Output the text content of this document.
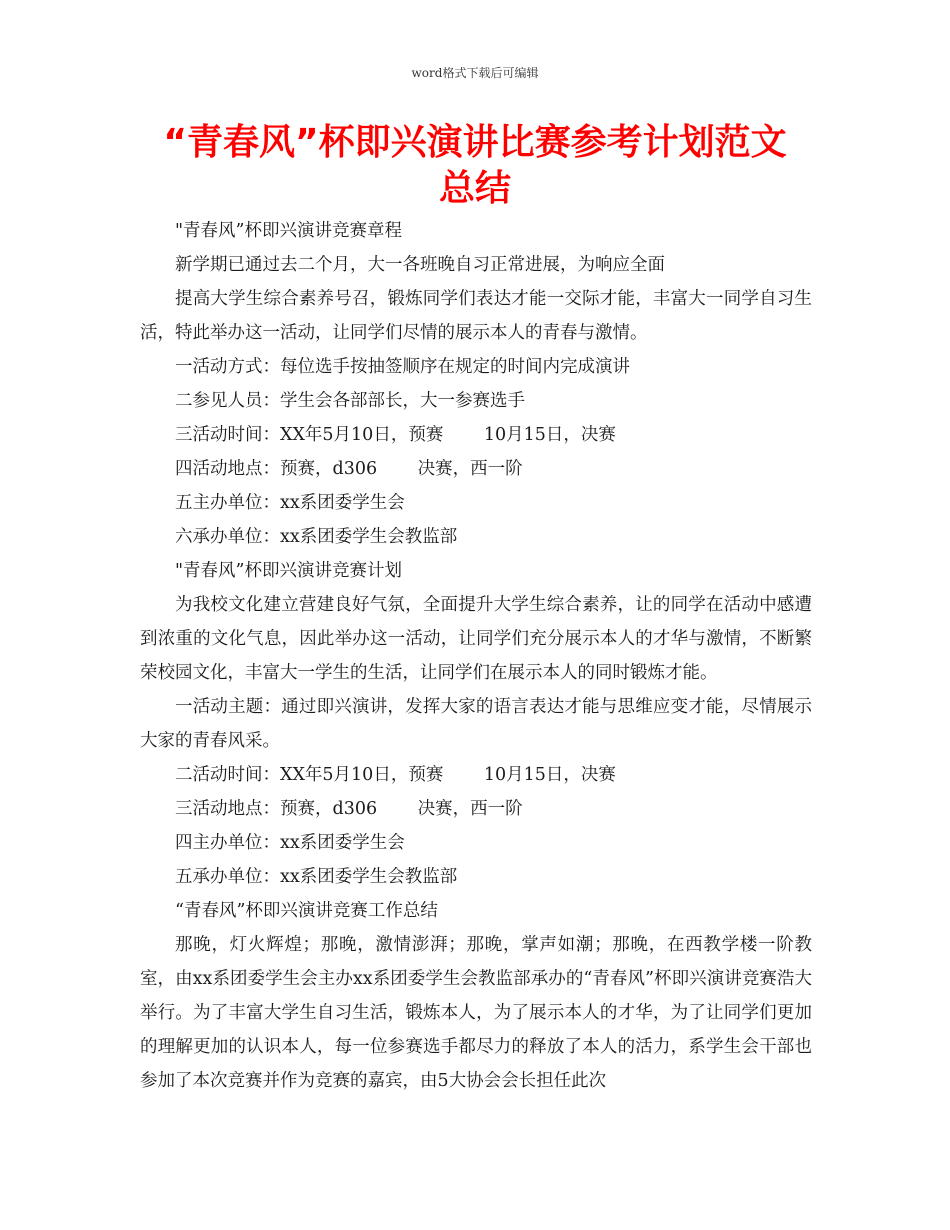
word格式下载后可编辑
“青春风”杯即兴演讲比赛参考计划范文
总结

"青春风”杯即兴演讲竞赛章程

新学期已通过去二个月，大一各班晚自习正常进展，为响应全面

提高大学生综合素养号召，锻炼同学们表达才能一交际才能，丰富大一同学自习生活，特此举办这一活动，让同学们尽情的展示本人的青春与激情。

一活动方式：每位选手按抽签顺序在规定的时间内完成演讲

二参见人员：学生会各部部长，大一参赛选手

三活动时间：XX年5月10日，预赛　　 10月15日，决赛

四活动地点：预赛，d306　　 决赛，西一阶

五主办单位：xx系团委学生会

六承办单位：xx系团委学生会教监部

"青春风”杯即兴演讲竞赛计划

为我校文化建立营建良好气氛，全面提升大学生综合素养，让的同学在活动中感遭到浓重的文化气息，因此举办这一活动，让同学们充分展示本人的才华与激情，不断繁荣校园文化，丰富大一学生的生活，让同学们在展示本人的同时锻炼才能。

一活动主题：通过即兴演讲，发挥大家的语言表达才能与思维应变才能，尽情展示大家的青春风采。

二活动时间：XX年5月10日，预赛　　 10月15日，决赛

三活动地点：预赛，d306　　 决赛，西一阶

四主办单位：xx系团委学生会

五承办单位：xx系团委学生会教监部

“青春风”杯即兴演讲竞赛工作总结

那晚，灯火辉煌；那晚，激情澎湃；那晚，掌声如潮；那晚，在西教学楼一阶教室，由xx系团委学生会主办xx系团委学生会教监部承办的“青春风”杯即兴演讲竞赛浩大举行。为了丰富大学生自习生活，锻炼本人，为了展示本人的才华，为了让同学们更加的理解更加的认识本人，每一位参赛选手都尽力的释放了本人的活力，系学生会干部也参加了本次竞赛并作为竞赛的嘉宾，由5大协会会长担任此次
